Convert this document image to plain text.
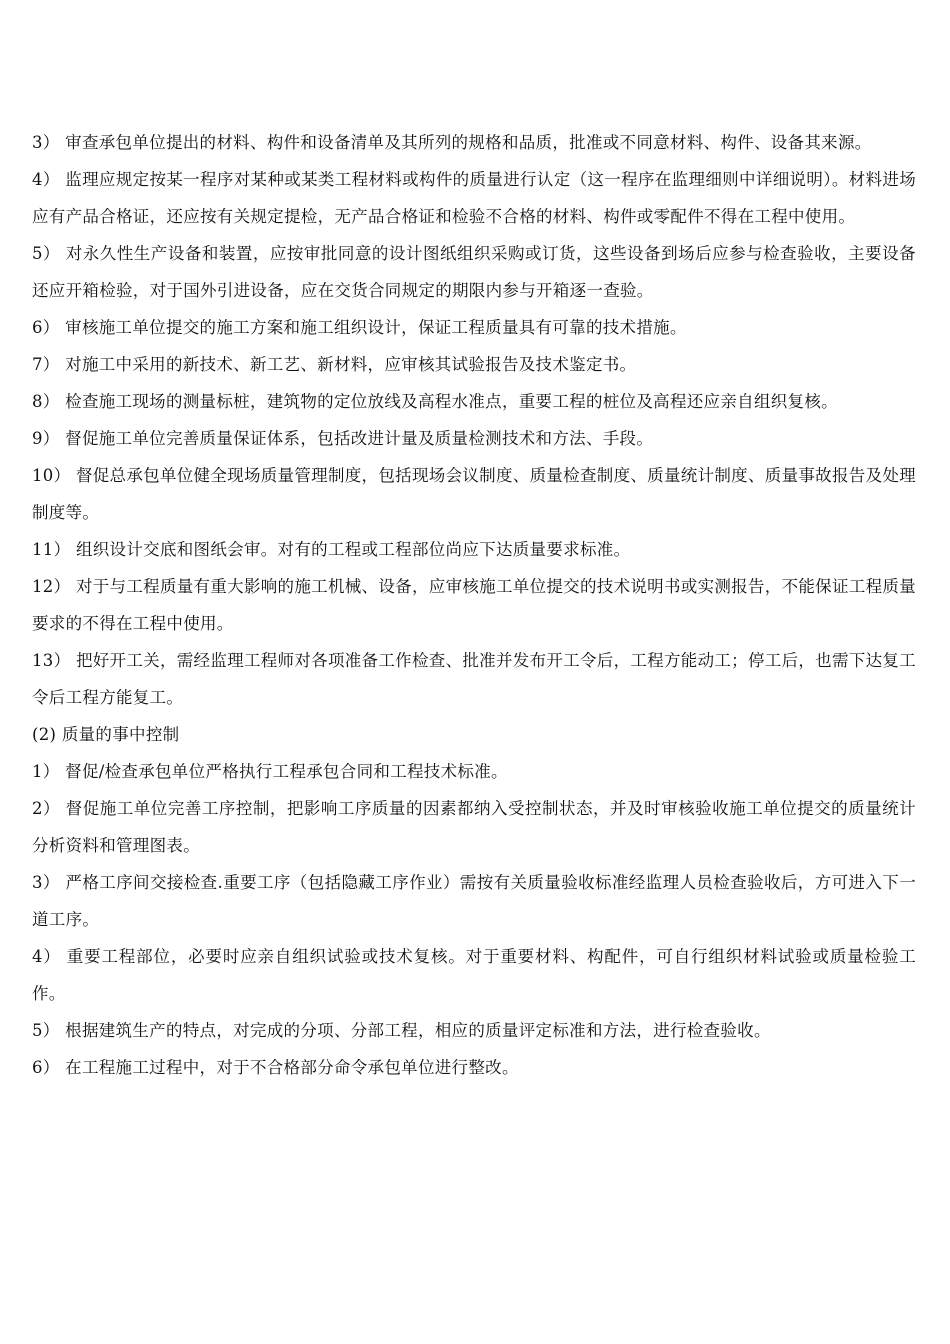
3） 审查承包单位提出的材料、构件和设备清单及其所列的规格和品质，批准或不同意材料、构件、设备其来源。

4） 监理应规定按某一程序对某种或某类工程材料或构件的质量进行认定（这一程序在监理细则中详细说明）。材料进场应有产品合格证，还应按有关规定提检，无产品合格证和检验不合格的材料、构件或零配件不得在工程中使用。

5） 对永久性生产设备和装置，应按审批同意的设计图纸组织采购或订货，这些设备到场后应参与检查验收，主要设备还应开箱检验，对于国外引进设备，应在交货合同规定的期限内参与开箱逐一查验。

6） 审核施工单位提交的施工方案和施工组织设计，保证工程质量具有可靠的技术措施。

7） 对施工中采用的新技术、新工艺、新材料，应审核其试验报告及技术鉴定书。

8） 检查施工现场的测量标桩，建筑物的定位放线及高程水准点，重要工程的桩位及高程还应亲自组织复核。

9） 督促施工单位完善质量保证体系，包括改进计量及质量检测技术和方法、手段。

10） 督促总承包单位健全现场质量管理制度，包括现场会议制度、质量检查制度、质量统计制度、质量事故报告及处理制度等。

11） 组织设计交底和图纸会审。对有的工程或工程部位尚应下达质量要求标准。

12） 对于与工程质量有重大影响的施工机械、设备，应审核施工单位提交的技术说明书或实测报告，不能保证工程质量要求的不得在工程中使用。

13） 把好开工关，需经监理工程师对各项准备工作检查、批准并发布开工令后，工程方能动工；停工后，也需下达复工令后工程方能复工。

(2) 质量的事中控制

1） 督促/检查承包单位严格执行工程承包合同和工程技术标准。

2） 督促施工单位完善工序控制，把影响工序质量的因素都纳入受控制状态，并及时审核验收施工单位提交的质量统计分析资料和管理图表。

3） 严格工序间交接检查.重要工序（包括隐藏工序作业）需按有关质量验收标准经监理人员检查验收后，方可进入下一道工序。

4） 重要工程部位，必要时应亲自组织试验或技术复核。对于重要材料、构配件，可自行组织材料试验或质量检验工作。

5） 根据建筑生产的特点，对完成的分项、分部工程，相应的质量评定标准和方法，进行检查验收。

6） 在工程施工过程中，对于不合格部分命令承包单位进行整改。
